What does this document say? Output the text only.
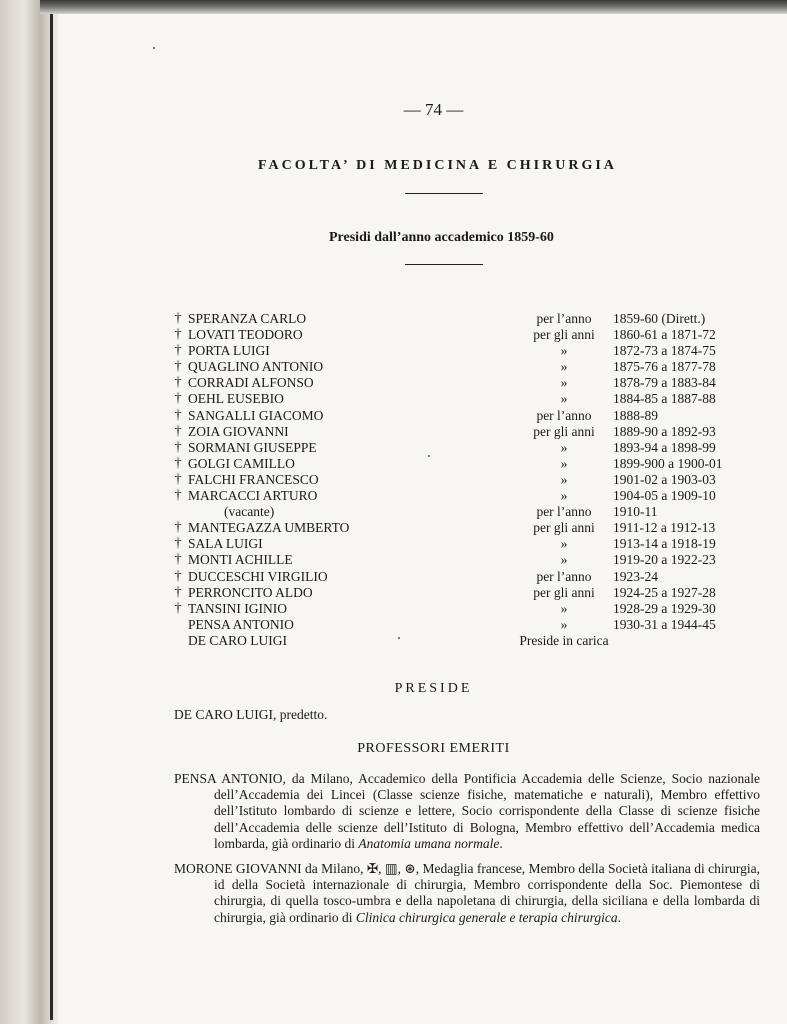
— 74 —
FACOLTA’ DI MEDICINA E CHIRURGIA
Presidi dall’anno accademico 1859-60
† SPERANZA CARLO	per l’anno	1859-60 (Dirett.)
† LOVATI TEODORO	per gli anni	1860-61 a 1871-72
† PORTA LUIGI	»	1872-73 a 1874-75
† QUAGLINO ANTONIO	»	1875-76 a 1877-78
† CORRADI ALFONSO	»	1878-79 a 1883-84
† OEHL EUSEBIO	»	1884-85 a 1887-88
† SANGALLI GIACOMO	per l’anno	1888-89
† ZOIA GIOVANNI	per gli anni	1889-90 a 1892-93
† SORMANI GIUSEPPE	»	1893-94 a 1898-99
† GOLGI CAMILLO	»	1899-900 a 1900-01
† FALCHI FRANCESCO	»	1901-02 a 1903-03
† MARCACCI ARTURO	»	1904-05 a 1909-10
(vacante)	per l’anno	1910-11
† MANTEGAZZA UMBERTO	per gli anni	1911-12 a 1912-13
† SALA LUIGI	»	1913-14 a 1918-19
† MONTI ACHILLE	»	1919-20 a 1922-23
† DUCCESCHI VIRGILIO	per l’anno	1923-24
† PERRONCITO ALDO	per gli anni	1924-25 a 1927-28
† TANSINI IGINIO	»	1928-29 a 1929-30
PENSA ANTONIO	»	1930-31 a 1944-45
DE CARO LUIGI	Preside in carica
PRESIDE
DE CARO LUIGI, predetto.
PROFESSORI EMERITI
PENSA ANTONIO, da Milano, Accademico della Pontificia Accademia delle Scienze, Socio nazionale dell’Accademia dei Lincei (Classe scienze fisiche, matematiche e naturali), Membro effettivo dell’Istituto lombardo di scienze e lettere, Socio corrispondente della Classe di scienze fisiche dell’Accademia delle scienze dell’Istituto di Bologna, Membro effettivo dell’Accademia medica lombarda, già ordinario di Anatomia umana normale.
MORONE GIOVANNI da Milano, ✠, ▥, ⊛, Medaglia francese, Membro della Società italiana di chirurgia, id della Società internazionale di chirurgia, Membro corrispondente della Soc. Piemontese di chirurgia, di quella tosco-umbra e della napoletana di chirurgia, della siciliana e della lombarda di chirurgia, già ordinario di Clinica chirurgica generale e terapia chirurgica.
